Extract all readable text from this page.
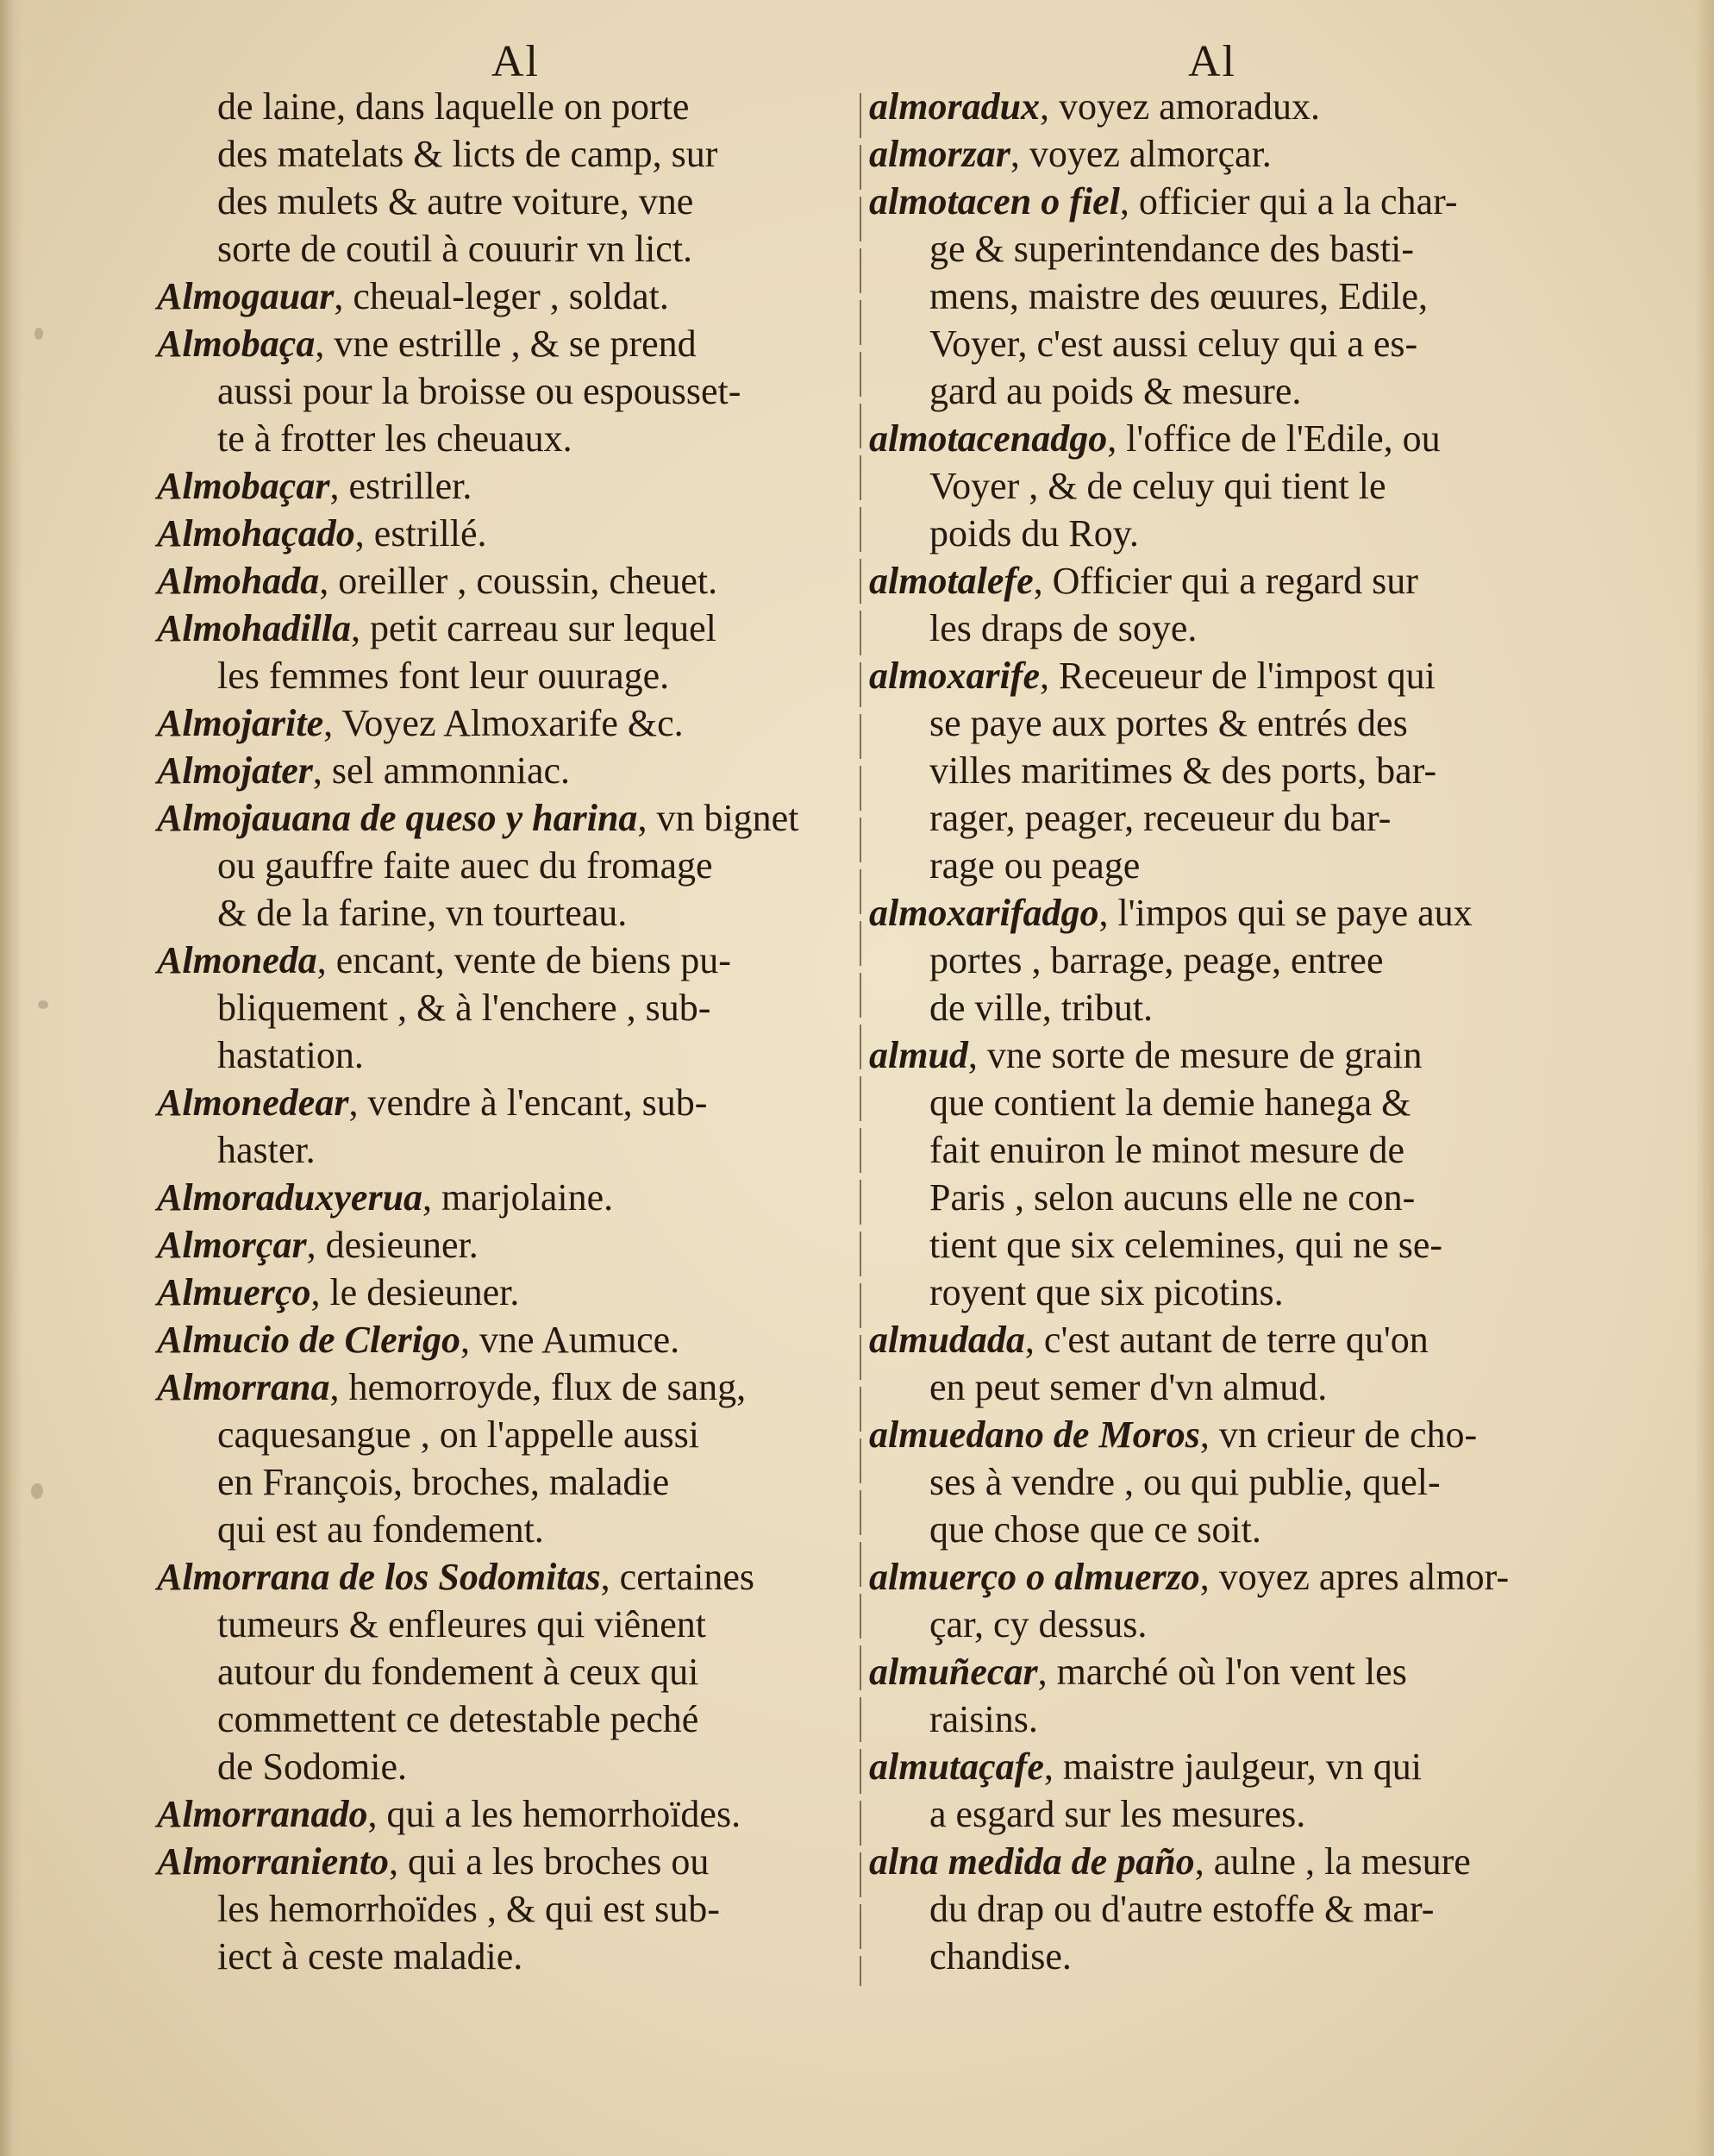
Al	Al
de laine, dans laquelle on porte
des matelats & licts de camp, sur
des mulets & autre voiture, vne
sorte de coutil à couurir vn lict.
Almogauar, cheual-leger , soldat.
Almobaça, vne estrille , & se prend
aussi pour la broisse ou espousset-
te à frotter les cheuaux.
Almobaçar, estriller.
Almohaçado, estrillé.
Almohada, oreiller , coussin, cheuet.
Almohadilla, petit carreau sur lequel
les femmes font leur ouurage.
Almojarite, Voyez Almoxarife &c.
Almojater, sel ammonniac.
Almojauana de queso y harina, vn bignet
ou gauffre faite auec du fromage
& de la farine, vn tourteau.
Almoneda, encant, vente de biens pu-
bliquement , & à l'enchere , sub-
hastation.
Almonedear, vendre à l'encant, sub-
haster.
Almoraduxyerua, marjolaine.
Almorçar, desieuner.
Almuerço, le desieuner.
Almucio de Clerigo, vne Aumuce.
Almorrana, hemorroyde, flux de sang,
caquesangue , on l'appelle aussi
en François, broches, maladie
qui est au fondement.
Almorrana de los Sodomitas, certaines
tumeurs & enfleures qui viênent
autour du fondement à ceux qui
commettent ce detestable peché
de Sodomie.
Almorranado, qui a les hemorrhoïdes.
Almorraniento, qui a les broches ou
les hemorrhoïdes , & qui est sub-
iect à ceste maladie.
almoradux, voyez amoradux.
almorzar, voyez almorçar.
almotacen o fiel, officier qui a la char-
ge & superintendance des basti-
mens, maistre des œuures, Edile,
Voyer, c'est aussi celuy qui a es-
gard au poids & mesure.
almotacenadgo, l'office de l'Edile, ou
Voyer , & de celuy qui tient le
poids du Roy.
almotalefe, Officier qui a regard sur
les draps de soye.
almoxarife, Receueur de l'impost qui
se paye aux portes & entrés des
villes maritimes & des ports, bar-
rager, peager, receueur du bar-
rage ou peage
almoxarifadgo, l'impos qui se paye aux
portes , barrage, peage, entree
de ville, tribut.
almud, vne sorte de mesure de grain
que contient la demie hanega &
fait enuiron le minot mesure de
Paris , selon aucuns elle ne con-
tient que six celemines, qui ne se-
royent que six picotins.
almudada, c'est autant de terre qu'on
en peut semer d'vn almud.
almuedano de Moros, vn crieur de cho-
ses à vendre , ou qui publie, quel-
que chose que ce soit.
almuerço o almuerzo, voyez apres almor-
çar, cy dessus.
almuñecar, marché où l'on vent les
raisins.
almutaçafe, maistre jaulgeur, vn qui
a esgard sur les mesures.
alna medida de paño, aulne , la mesure
du drap ou d'autre estoffe & mar-
chandise.
